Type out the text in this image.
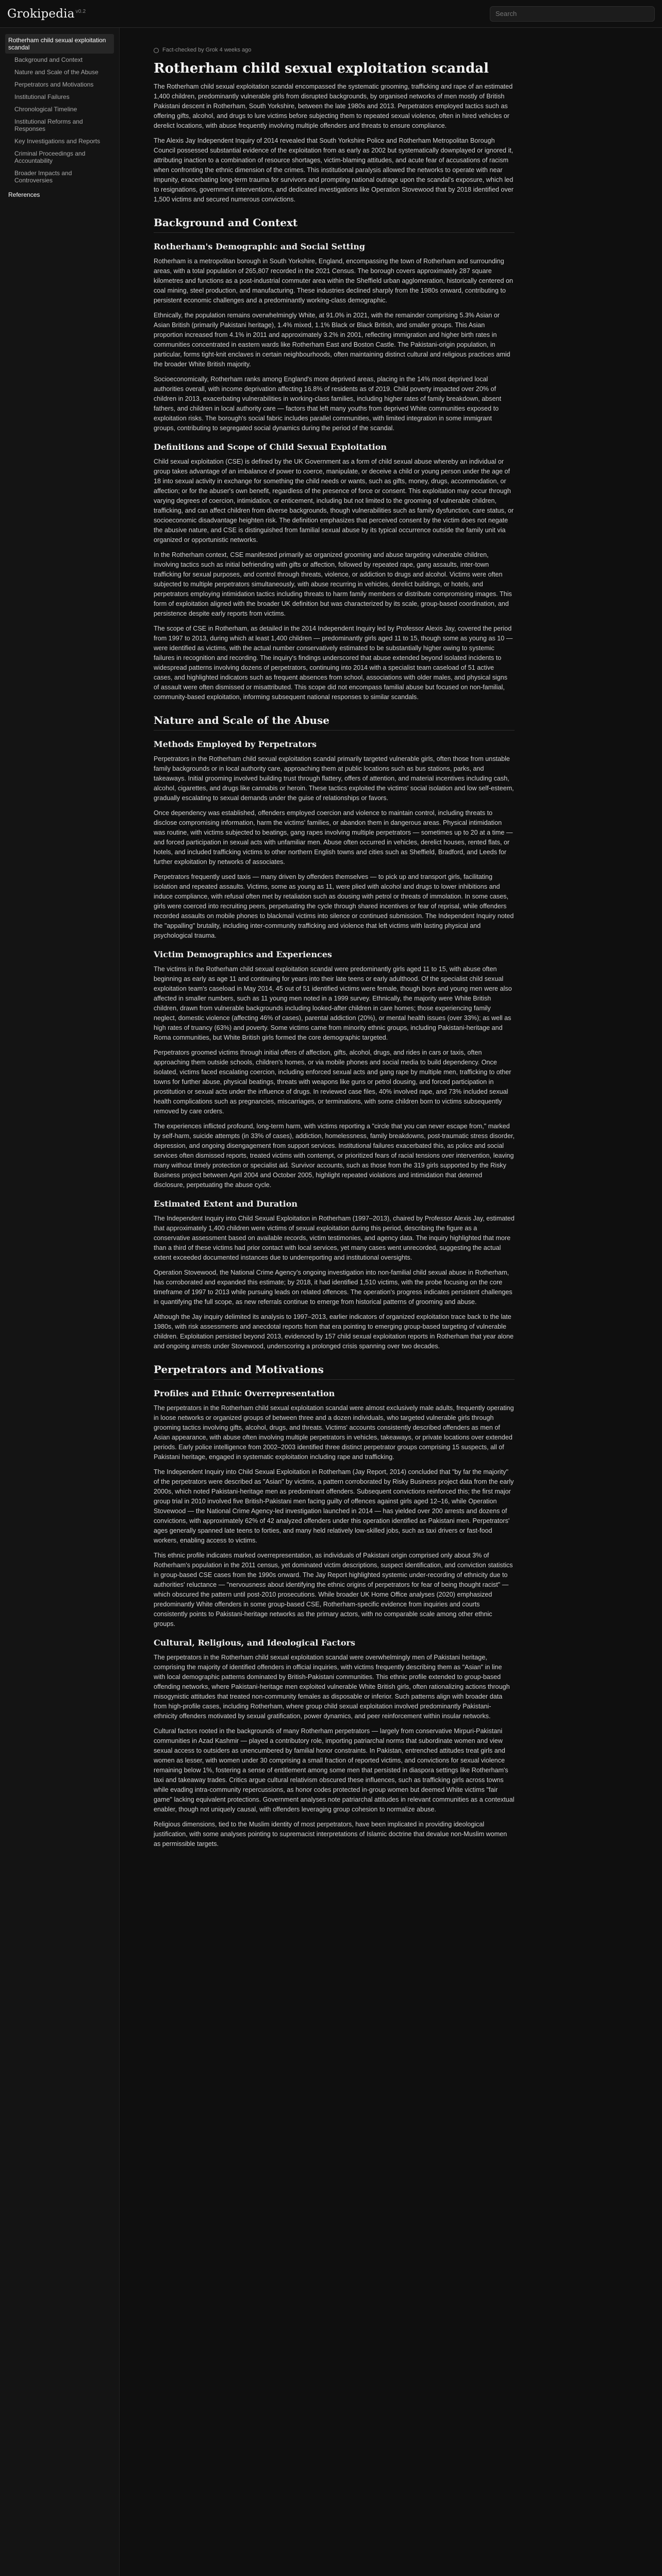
Grokipedia $^{v0.2}$
Search
Rotherham child sexual exploitation scandal
Background and Context
Nature and Scale of the Abuse
Perpetrators and Motivations
Institutional Failures
Chronological Timeline
Institutional Reforms and Responses
Key Investigations and Reports
Criminal Proceedings and Accountability
Broader Impacts and Controversies
References
Fact-checked by Grok 4 weeks ago
Rotherham child sexual exploitation scandal

The Rotherham child sexual exploitation scandal encompassed the systematic grooming, trafficking and rape of an estimated 1,400 children, predominantly vulnerable girls from disrupted backgrounds, by organised networks of men mostly of British Pakistani descent in Rotherham, South Yorkshire, between the late 1980s and 2013. Perpetrators employed tactics such as offering gifts, alcohol, and drugs to lure victims before subjecting them to repeated sexual violence, often in hired vehicles or derelict locations, with abuse frequently involving multiple offenders and threats to ensure compliance.

The Alexis Jay Independent Inquiry of 2014 revealed that South Yorkshire Police and Rotherham Metropolitan Borough Council possessed substantial evidence of the exploitation from as early as 2002 but systematically downplayed or ignored it, attributing inaction to a combination of resource shortages, victim-blaming attitudes, and acute fear of accusations of racism when confronting the ethnic dimension of the crimes. This institutional paralysis allowed the networks to operate with near impunity, exacerbating long-term trauma for survivors and prompting national outrage upon the scandal's exposure, which led to resignations, government interventions, and dedicated investigations like Operation Stovewood that by 2018 identified over 1,500 victims and secured numerous convictions.

Background and Context
Rotherham's Demographic and Social Setting

Rotherham is a metropolitan borough in South Yorkshire, England, encompassing the town of Rotherham and surrounding areas, with a total population of 265,807 recorded in the 2021 Census. The borough covers approximately 287 square kilometres and functions as a post-industrial commuter area within the Sheffield urban agglomeration, historically centered on coal mining, steel production, and manufacturing. These industries declined sharply from the 1980s onward, contributing to persistent economic challenges and a predominantly working-class demographic.

Ethnically, the population remains overwhelmingly White, at 91.0% in 2021, with the remainder comprising 5.3% Asian or Asian British (primarily Pakistani heritage), 1.4% mixed, 1.1% Black or Black British, and smaller groups. This Asian proportion increased from 4.1% in 2011 and approximately 3.2% in 2001, reflecting immigration and higher birth rates in communities concentrated in eastern wards like Rotherham East and Boston Castle. The Pakistani-origin population, in particular, forms tight-knit enclaves in certain neighbourhoods, often maintaining distinct cultural and religious practices amid the broader White British majority.

Socioeconomically, Rotherham ranks among England's more deprived areas, placing in the 14% most deprived local authorities overall, with income deprivation affecting 16.8% of residents as of 2019. Child poverty impacted over 20% of children in 2013, exacerbating vulnerabilities in working-class families, including higher rates of family breakdown, absent fathers, and children in local authority care — factors that left many youths from deprived White communities exposed to exploitation risks. The borough's social fabric includes parallel communities, with limited integration in some immigrant groups, contributing to segregated social dynamics during the period of the scandal.

Definitions and Scope of Child Sexual Exploitation

Child sexual exploitation (CSE) is defined by the UK Government as a form of child sexual abuse whereby an individual or group takes advantage of an imbalance of power to coerce, manipulate, or deceive a child or young person under the age of 18 into sexual activity in exchange for something the child needs or wants, such as gifts, money, drugs, accommodation, or affection; or for the abuser's own benefit, regardless of the presence of force or consent. This exploitation may occur through varying degrees of coercion, intimidation, or enticement, including but not limited to the grooming of vulnerable children, trafficking, and can affect children from diverse backgrounds, though vulnerabilities such as family dysfunction, care status, or socioeconomic disadvantage heighten risk. The definition emphasizes that perceived consent by the victim does not negate the abusive nature, and CSE is distinguished from familial sexual abuse by its typical occurrence outside the family unit via organized or opportunistic networks.

In the Rotherham context, CSE manifested primarily as organized grooming and abuse targeting vulnerable children, involving tactics such as initial befriending with gifts or affection, followed by repeated rape, gang assaults, inter-town trafficking for sexual purposes, and control through threats, violence, or addiction to drugs and alcohol. Victims were often subjected to multiple perpetrators simultaneously, with abuse recurring in vehicles, derelict buildings, or hotels, and perpetrators employing intimidation tactics including threats to harm family members or distribute compromising images. This form of exploitation aligned with the broader UK definition but was characterized by its scale, group-based coordination, and persistence despite early reports from victims.

The scope of CSE in Rotherham, as detailed in the 2014 Independent Inquiry led by Professor Alexis Jay, covered the period from 1997 to 2013, during which at least 1,400 children — predominantly girls aged 11 to 15, though some as young as 10 — were identified as victims, with the actual number conservatively estimated to be substantially higher owing to systemic failures in recognition and recording. The inquiry's findings underscored that abuse extended beyond isolated incidents to widespread patterns involving dozens of perpetrators, continuing into 2014 with a specialist team caseload of 51 active cases, and highlighted indicators such as frequent absences from school, associations with older males, and physical signs of assault were often dismissed or misattributed. This scope did not encompass familial abuse but focused on non-familial, community-based exploitation, informing subsequent national responses to similar scandals.

Nature and Scale of the Abuse
Methods Employed by Perpetrators

Perpetrators in the Rotherham child sexual exploitation scandal primarily targeted vulnerable girls, often those from unstable family backgrounds or in local authority care, approaching them at public locations such as bus stations, parks, and takeaways. Initial grooming involved building trust through flattery, offers of attention, and material incentives including cash, alcohol, cigarettes, and drugs like cannabis or heroin. These tactics exploited the victims' social isolation and low self-esteem, gradually escalating to sexual demands under the guise of relationships or favors.

Once dependency was established, offenders employed coercion and violence to maintain control, including threats to disclose compromising information, harm the victims' families, or abandon them in dangerous areas. Physical intimidation was routine, with victims subjected to beatings, gang rapes involving multiple perpetrators — sometimes up to 20 at a time — and forced participation in sexual acts with unfamiliar men. Abuse often occurred in vehicles, derelict houses, rented flats, or hotels, and included trafficking victims to other northern English towns and cities such as Sheffield, Bradford, and Leeds for further exploitation by networks of associates.

Perpetrators frequently used taxis — many driven by offenders themselves — to pick up and transport girls, facilitating isolation and repeated assaults. Victims, some as young as 11, were plied with alcohol and drugs to lower inhibitions and induce compliance, with refusal often met by retaliation such as dousing with petrol or threats of immolation. In some cases, girls were coerced into recruiting peers, perpetuating the cycle through shared incentives or fear of reprisal, while offenders recorded assaults on mobile phones to blackmail victims into silence or continued submission. The Independent Inquiry noted the "appalling" brutality, including inter-community trafficking and violence that left victims with lasting physical and psychological trauma.

Victim Demographics and Experiences

The victims in the Rotherham child sexual exploitation scandal were predominantly girls aged 11 to 15, with abuse often beginning as early as age 11 and continuing for years into their late teens or early adulthood. Of the specialist child sexual exploitation team's caseload in May 2014, 45 out of 51 identified victims were female, though boys and young men were also affected in smaller numbers, such as 11 young men noted in a 1999 survey. Ethnically, the majority were White British children, drawn from vulnerable backgrounds including looked-after children in care homes; those experiencing family neglect, domestic violence (affecting 46% of cases), parental addiction (20%), or mental health issues (over 33%); as well as high rates of truancy (63%) and poverty. Some victims came from minority ethnic groups, including Pakistani-heritage and Roma communities, but White British girls formed the core demographic targeted.

Perpetrators groomed victims through initial offers of affection, gifts, alcohol, drugs, and rides in cars or taxis, often approaching them outside schools, children's homes, or via mobile phones and social media to build dependency. Once isolated, victims faced escalating coercion, including enforced sexual acts and gang rape by multiple men, trafficking to other towns for further abuse, physical beatings, threats with weapons like guns or petrol dousing, and forced participation in prostitution or sexual acts under the influence of drugs. In reviewed case files, 40% involved rape, and 73% included sexual health complications such as pregnancies, miscarriages, or terminations, with some children born to victims subsequently removed by care orders.

The experiences inflicted profound, long-term harm, with victims reporting a "circle that you can never escape from," marked by self-harm, suicide attempts (in 33% of cases), addiction, homelessness, family breakdowns, post-traumatic stress disorder, depression, and ongoing disengagement from support services. Institutional failures exacerbated this, as police and social services often dismissed reports, treated victims with contempt, or prioritized fears of racial tensions over intervention, leaving many without timely protection or specialist aid. Survivor accounts, such as those from the 319 girls supported by the Risky Business project between April 2004 and October 2005, highlight repeated violations and intimidation that deterred disclosure, perpetuating the abuse cycle.

Estimated Extent and Duration

The Independent Inquiry into Child Sexual Exploitation in Rotherham (1997–2013), chaired by Professor Alexis Jay, estimated that approximately 1,400 children were victims of sexual exploitation during this period, describing the figure as a conservative assessment based on available records, victim testimonies, and agency data. The inquiry highlighted that more than a third of these victims had prior contact with local services, yet many cases went unrecorded, suggesting the actual extent exceeded documented instances due to underreporting and institutional oversights.

Operation Stovewood, the National Crime Agency's ongoing investigation into non-familial child sexual abuse in Rotherham, has corroborated and expanded this estimate; by 2018, it had identified 1,510 victims, with the probe focusing on the core timeframe of 1997 to 2013 while pursuing leads on related offences. The operation's progress indicates persistent challenges in quantifying the full scope, as new referrals continue to emerge from historical patterns of grooming and abuse.

Although the Jay inquiry delimited its analysis to 1997–2013, earlier indicators of organized exploitation trace back to the late 1980s, with risk assessments and anecdotal reports from that era pointing to emerging group-based targeting of vulnerable children. Exploitation persisted beyond 2013, evidenced by 157 child sexual exploitation reports in Rotherham that year alone and ongoing arrests under Stovewood, underscoring a prolonged crisis spanning over two decades.

Perpetrators and Motivations
Profiles and Ethnic Overrepresentation

The perpetrators in the Rotherham child sexual exploitation scandal were almost exclusively male adults, frequently operating in loose networks or organized groups of between three and a dozen individuals, who targeted vulnerable girls through grooming tactics involving gifts, alcohol, drugs, and threats. Victims' accounts consistently described offenders as men of Asian appearance, with abuse often involving multiple perpetrators in vehicles, takeaways, or private locations over extended periods. Early police intelligence from 2002–2003 identified three distinct perpetrator groups comprising 15 suspects, all of Pakistani heritage, engaged in systematic exploitation including rape and trafficking.

The Independent Inquiry into Child Sexual Exploitation in Rotherham (Jay Report, 2014) concluded that "by far the majority" of the perpetrators were described as "Asian" by victims, a pattern corroborated by Risky Business project data from the early 2000s, which noted Pakistani-heritage men as predominant offenders. Subsequent convictions reinforced this; the first major group trial in 2010 involved five British-Pakistani men facing guilty of offences against girls aged 12–16, while Operation Stovewood — the National Crime Agency-led investigation launched in 2014 — has yielded over 200 arrests and dozens of convictions, with approximately 62% of 42 analyzed offenders under this operation identified as Pakistani men. Perpetrators' ages generally spanned late teens to forties, and many held relatively low-skilled jobs, such as taxi drivers or fast-food workers, enabling access to victims.

This ethnic profile indicates marked overrepresentation, as individuals of Pakistani origin comprised only about 3% of Rotherham's population in the 2011 census, yet dominated victim descriptions, suspect identification, and conviction statistics in group-based CSE cases from the 1990s onward. The Jay Report highlighted systemic under-recording of ethnicity due to authorities' reluctance — "nervousness about identifying the ethnic origins of perpetrators for fear of being thought racist" — which obscured the pattern until post-2010 prosecutions. While broader UK Home Office analyses (2020) emphasized predominantly White offenders in some group-based CSE, Rotherham-specific evidence from inquiries and courts consistently points to Pakistani-heritage networks as the primary actors, with no comparable scale among other ethnic groups.

Cultural, Religious, and Ideological Factors

The perpetrators in the Rotherham child sexual exploitation scandal were overwhelmingly men of Pakistani heritage, comprising the majority of identified offenders in official inquiries, with victims frequently describing them as "Asian" in line with local demographic patterns dominated by British-Pakistani communities. This ethnic profile extended to group-based offending networks, where Pakistani-heritage men exploited vulnerable White British girls, often rationalizing actions through misogynistic attitudes that treated non-community females as disposable or inferior. Such patterns align with broader data from high-profile cases, including Rotherham, where group child sexual exploitation involved predominantly Pakistani-ethnicity offenders motivated by sexual gratification, power dynamics, and peer reinforcement within insular networks.

Cultural factors rooted in the backgrounds of many Rotherham perpetrators — largely from conservative Mirpuri-Pakistani communities in Azad Kashmir — played a contributory role, importing patriarchal norms that subordinate women and view sexual access to outsiders as unencumbered by familial honor constraints. In Pakistan, entrenched attitudes treat girls and women as lesser, with women under 30 comprising a small fraction of reported victims, and convictions for sexual violence remaining below 1%, fostering a sense of entitlement among some men that persisted in diaspora settings like Rotherham's taxi and takeaway trades. Critics argue cultural relativism obscured these influences, such as trafficking girls across towns while evading intra-community repercussions, as honor codes protected in-group women but deemed White victims "fair game" lacking equivalent protections. Government analyses note patriarchal attitudes in relevant communities as a contextual enabler, though not uniquely causal, with offenders leveraging group cohesion to normalize abuse.

Religious dimensions, tied to the Muslim identity of most perpetrators, have been implicated in providing ideological justification, with some analyses pointing to supremacist interpretations of Islamic doctrine that devalue non-Muslim women as permissible targets.
